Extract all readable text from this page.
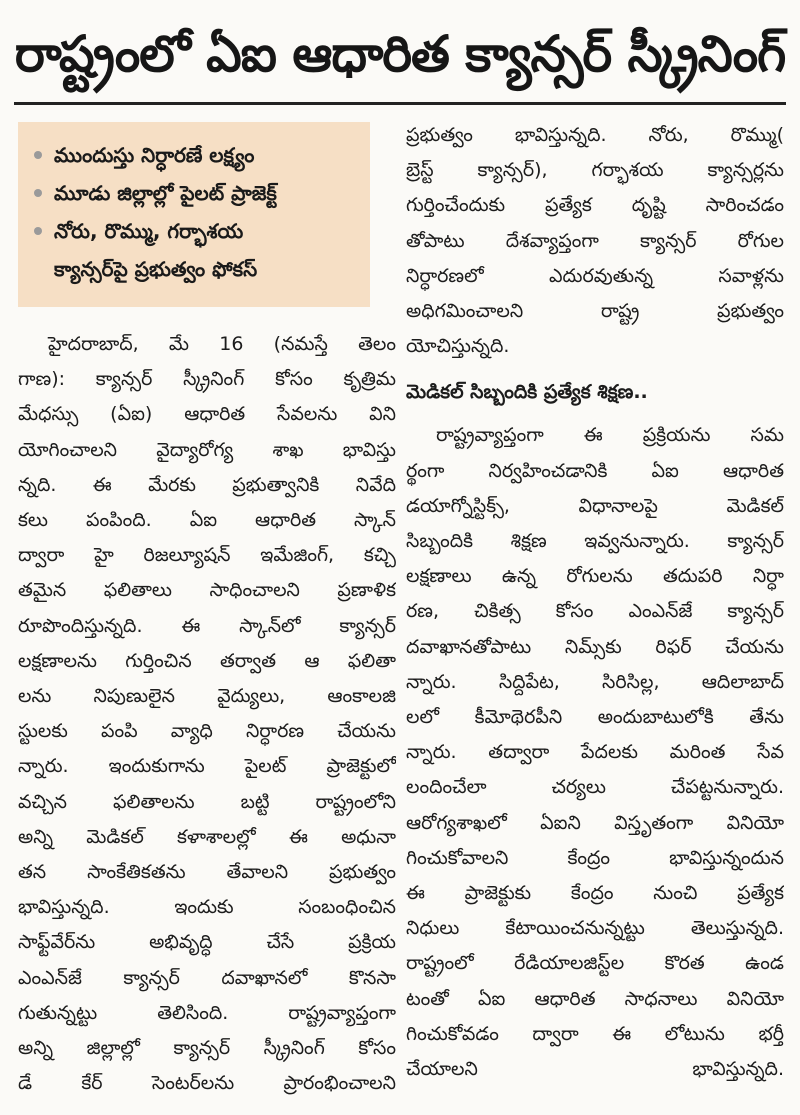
రాష్ట్రంలో ఏఐ ఆధారిత క్యాన్సర్ స్క్రీనింగ్
ముందుస్తు నిర్ధారణే లక్ష్యం
మూడు జిల్లాల్లో పైలట్ ప్రాజెక్ట్
నోరు, రొమ్ము, గర్భాశయ
క్యాన్సర్‌పై ప్రభుత్వం ఫోకస్
హైదరాబాద్, మే 16 (నమస్తే తెలం
గాణ): క్యాన్సర్ స్క్రీనింగ్ కోసం కృత్రిమ
మేధస్సు (ఏఐ) ఆధారిత సేవలను విని
యోగించాలని వైద్యారోగ్య శాఖ భావిస్తు
న్నది. ఈ మేరకు ప్రభుత్వానికి నివేది
కలు పంపింది. ఏఐ ఆధారిత స్కాన్
ద్వారా హై రిజల్యూషన్ ఇమేజింగ్, కచ్చి
తమైన ఫలితాలు సాధించాలని ప్రణాళిక
రూపొందిస్తున్నది. ఈ స్కాన్‌లో క్యాన్సర్
లక్షణాలను గుర్తించిన తర్వాత ఆ ఫలితా
లను నిపుణులైన వైద్యులు, ఆంకాలజి
స్టులకు పంపి వ్యాధి నిర్ధారణ చేయను
న్నారు. ఇందుకుగాను పైలట్ ప్రాజెక్టులో
వచ్చిన ఫలితాలను బట్టి రాష్ట్రంలోని
అన్ని మెడికల్ కళాశాలల్లో ఈ అధునా
తన సాంకేతికతను తేవాలని ప్రభుత్వం
భావిస్తున్నది. ఇందుకు సంబంధించిన
సాఫ్ట్‌వేర్‌ను అభివృద్ధి చేసే ప్రక్రియ
ఎంఎన్‌జే క్యాన్సర్ దవాఖానలో కొనసా
గుతున్నట్టు తెలిసింది. రాష్ట్రవ్యాప్తంగా
అన్ని జిల్లాల్లో క్యాన్సర్ స్క్రీనింగ్ కోసం
డే కేర్ సెంటర్‌లను ప్రారంభించాలని
ప్రభుత్వం భావిస్తున్నది. నోరు, రొమ్ము(
బ్రెస్ట్ క్యాన్సర్), గర్భాశయ క్యాన్సర్లను
గుర్తించేందుకు ప్రత్యేక దృష్టి సారించడం
తోపాటు దేశవ్యాప్తంగా క్యాన్సర్ రోగుల
నిర్ధారణలో ఎదురవుతున్న సవాళ్లను
అధిగమించాలని రాష్ట్ర ప్రభుత్వం
యోచిస్తున్నది.
మెడికల్ సిబ్బందికి ప్రత్యేక శిక్షణ..
రాష్ట్రవ్యాప్తంగా ఈ ప్రక్రియను సమ
ర్థంగా నిర్వహించడానికి ఏఐ ఆధారిత
డయాగ్నోస్టిక్స్, విధానాలపై మెడికల్
సిబ్బందికి శిక్షణ ఇవ్వనున్నారు. క్యాన్సర్
లక్షణాలు ఉన్న రోగులను తదుపరి నిర్ధా
రణ, చికిత్స కోసం ఎంఎన్‌జే క్యాన్సర్
దవాఖానతోపాటు నిమ్స్‌కు రిఫర్ చేయను
న్నారు. సిద్దిపేట, సిరిసిల్ల, ఆదిలాబాద్
లలో కీమోథెరపీని అందుబాటులోకి తేను
న్నారు. తద్వారా పేదలకు మరింత సేవ
లందించేలా చర్యలు చేపట్టనున్నారు.
ఆరోగ్యశాఖలో ఏఐని విస్తృతంగా వినియో
గించుకోవాలని కేంద్రం భావిస్తున్నందున
ఈ ప్రాజెక్టుకు కేంద్రం నుంచి ప్రత్యేక
నిధులు కేటాయించనున్నట్టు తెలుస్తున్నది.
రాష్ట్రంలో రేడియాలజిస్ట్‌ల కొరత ఉండ
టంతో ఏఐ ఆధారిత సాధనాలు వినియో
గించుకోవడం ద్వారా ఈ లోటును భర్తీ
చేయాలని భావిస్తున్నది.
